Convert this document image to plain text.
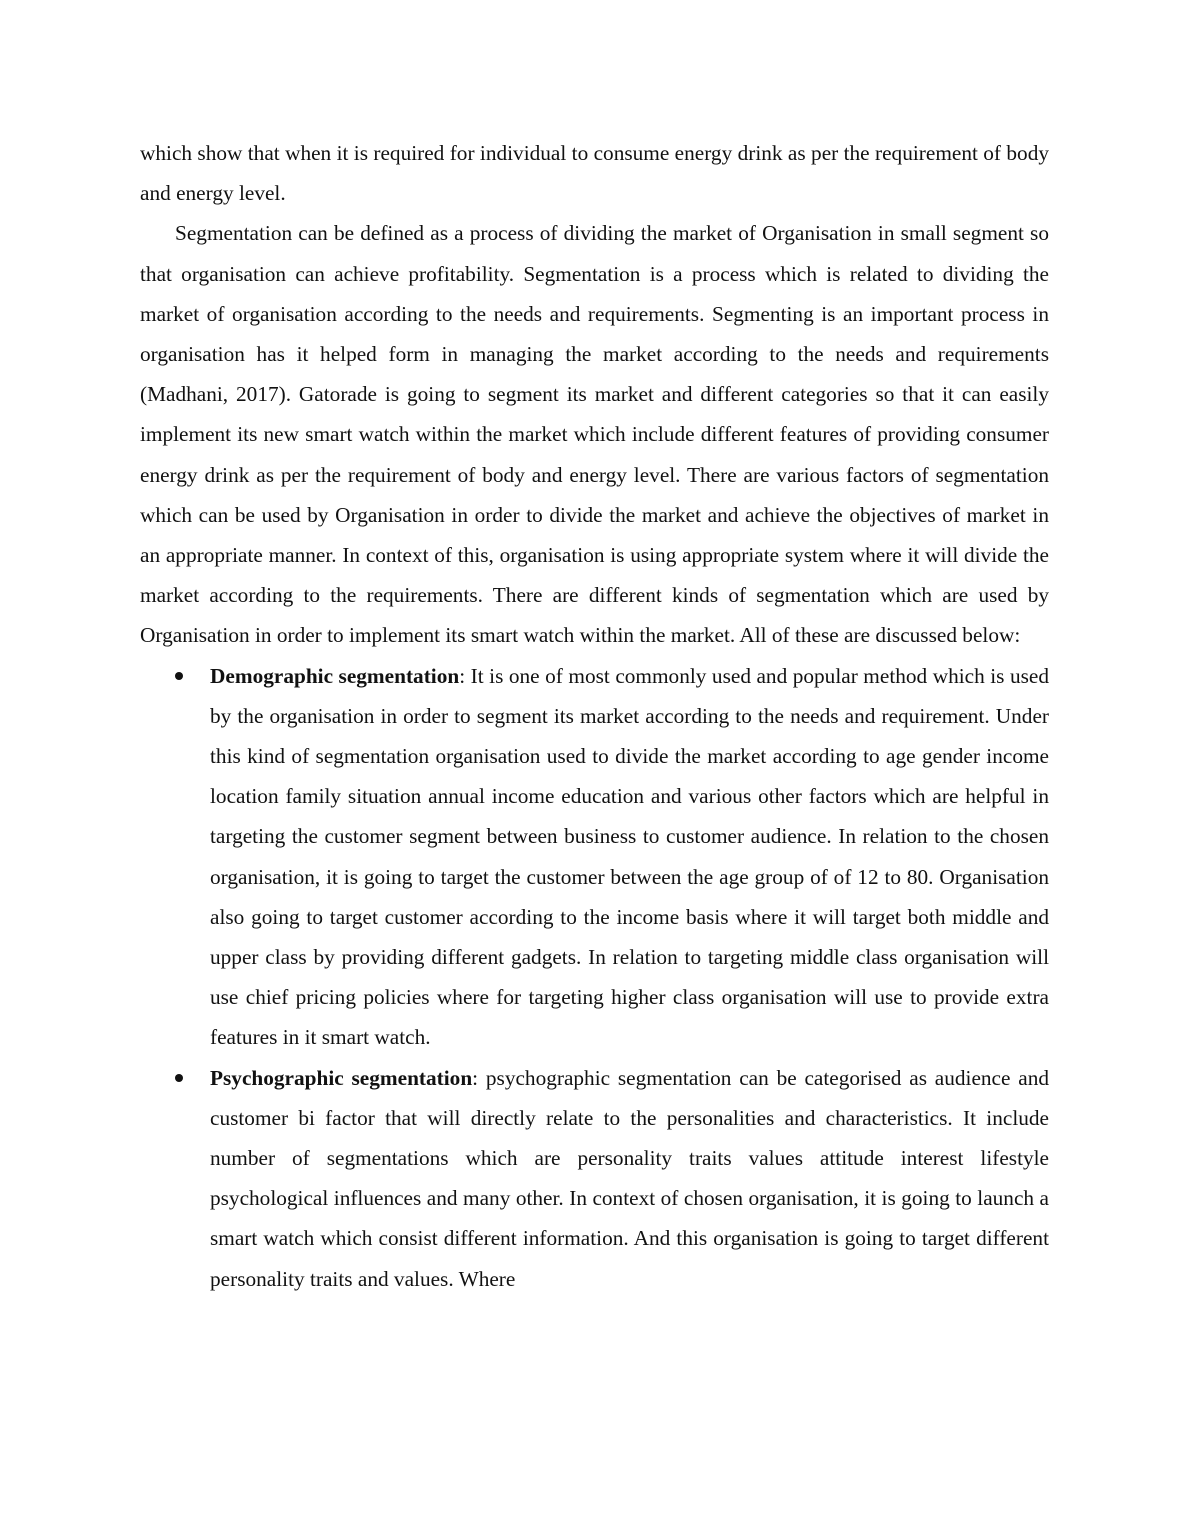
which show that when it is required for individual to consume energy drink as per the requirement of body and energy level.

Segmentation can be defined as a process of dividing the market of Organisation in small segment so that organisation can achieve profitability. Segmentation is a process which is related to dividing the market of organisation according to the needs and requirements. Segmenting is an important process in organisation has it helped form in managing the market according to the needs and requirements (Madhani, 2017). Gatorade is going to segment its market and different categories so that it can easily implement its new smart watch within the market which include different features of providing consumer energy drink as per the requirement of body and energy level. There are various factors of segmentation which can be used by Organisation in order to divide the market and achieve the objectives of market in an appropriate manner. In context of this, organisation is using appropriate system where it will divide the market according to the requirements. There are different kinds of segmentation which are used by Organisation in order to implement its smart watch within the market. All of these are discussed below:

Demographic segmentation: It is one of most commonly used and popular method which is used by the organisation in order to segment its market according to the needs and requirement. Under this kind of segmentation organisation used to divide the market according to age gender income location family situation annual income education and various other factors which are helpful in targeting the customer segment between business to customer audience. In relation to the chosen organisation, it is going to target the customer between the age group of of 12 to 80. Organisation also going to target customer according to the income basis where it will target both middle and upper class by providing different gadgets. In relation to targeting middle class organisation will use chief pricing policies where for targeting higher class organisation will use to provide extra features in it smart watch.
Psychographic segmentation: psychographic segmentation can be categorised as audience and customer bi factor that will directly relate to the personalities and characteristics. It include number of segmentations which are personality traits values attitude interest lifestyle psychological influences and many other. In context of chosen organisation, it is going to launch a smart watch which consist different information. And this organisation is going to target different personality traits and values. Where
